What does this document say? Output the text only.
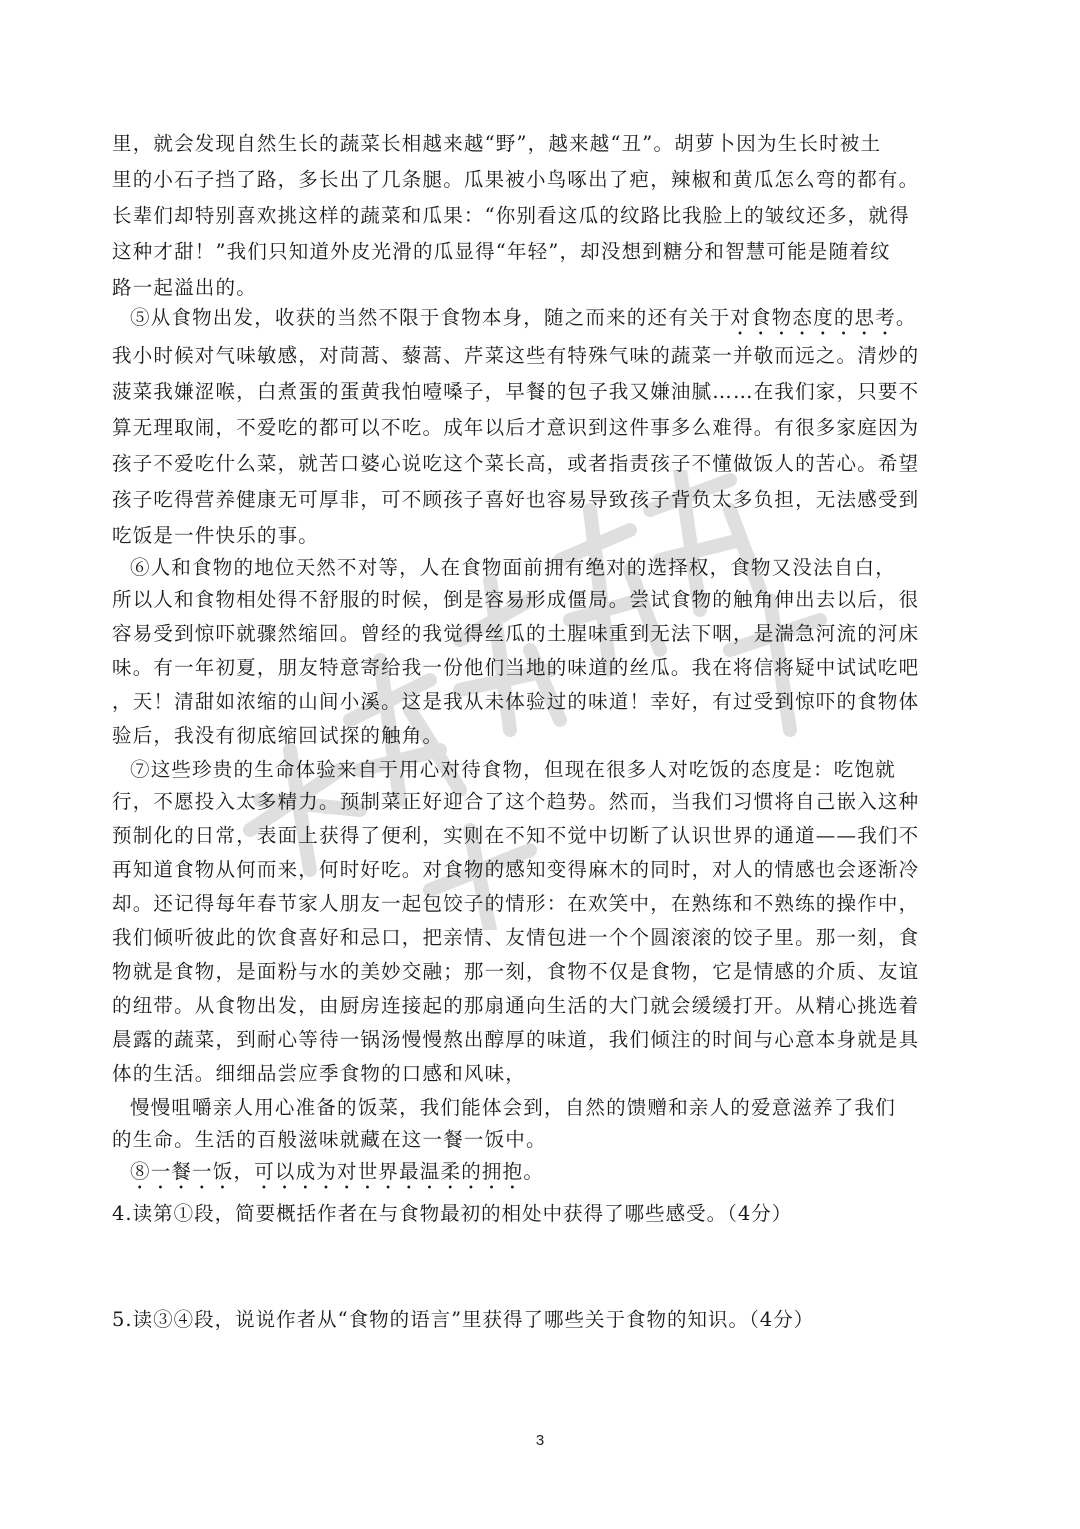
里，就会发现自然生长的蔬菜长相越来越“野”，越来越“丑”。胡萝卜因为生长时被土
里的小石子挡了路，多长出了几条腿。瓜果被小鸟啄出了疤，辣椒和黄瓜怎么弯的都有。
长辈们却特别喜欢挑这样的蔬菜和瓜果：“你别看这瓜的纹路比我脸上的皱纹还多，就得
这种才甜！”我们只知道外皮光滑的瓜显得“年轻”，却没想到糖分和智慧可能是随着纹
路一起溢出的。
⑤从食物出发，收获的当然不限于食物本身，随之而来的还有关于对食物态度的思考。
我小时候对气味敏感，对茼蒿、藜蒿、芹菜这些有特殊气味的蔬菜一并敬而远之。清炒的
菠菜我嫌涩喉，白煮蛋的蛋黄我怕噎嗓子，早餐的包子我又嫌油腻……在我们家，只要不
算无理取闹，不爱吃的都可以不吃。成年以后才意识到这件事多么难得。有很多家庭因为
孩子不爱吃什么菜，就苦口婆心说吃这个菜长高，或者指责孩子不懂做饭人的苦心。希望
孩子吃得营养健康无可厚非，可不顾孩子喜好也容易导致孩子背负太多负担，无法感受到
吃饭是一件快乐的事。
⑥人和食物的地位天然不对等，人在食物面前拥有绝对的选择权，食物又没法自白，
所以人和食物相处得不舒服的时候，倒是容易形成僵局。尝试食物的触角伸出去以后，很
容易受到惊吓就骤然缩回。曾经的我觉得丝瓜的土腥味重到无法下咽，是湍急河流的河床
味。有一年初夏，朋友特意寄给我一份他们当地的味道的丝瓜。我在将信将疑中试试吃吧
，天！清甜如浓缩的山间小溪。这是我从未体验过的味道！幸好，有过受到惊吓的食物体
验后，我没有彻底缩回试探的触角。
⑦这些珍贵的生命体验来自于用心对待食物，但现在很多人对吃饭的态度是：吃饱就
行，不愿投入太多精力。预制菜正好迎合了这个趋势。然而，当我们习惯将自己嵌入这种
预制化的日常，表面上获得了便利，实则在不知不觉中切断了认识世界的通道——我们不
再知道食物从何而来，何时好吃。对食物的感知变得麻木的同时，对人的情感也会逐渐冷
却。还记得每年春节家人朋友一起包饺子的情形：在欢笑中，在熟练和不熟练的操作中，
我们倾听彼此的饮食喜好和忌口，把亲情、友情包进一个个圆滚滚的饺子里。那一刻，食
物就是食物，是面粉与水的美妙交融；那一刻，食物不仅是食物，它是情感的介质、友谊
的纽带。从食物出发，由厨房连接起的那扇通向生活的大门就会缓缓打开。从精心挑选着
晨露的蔬菜，到耐心等待一锅汤慢慢熬出醇厚的味道，我们倾注的时间与心意本身就是具
体的生活。细细品尝应季食物的口感和风味，
慢慢咀嚼亲人用心准备的饭菜，我们能体会到，自然的馈赠和亲人的爱意滋养了我们
的生命。生活的百般滋味就藏在这一餐一饭中。
⑧一餐一饭，可以成为对世界最温柔的拥抱。
4.读第①段，简要概括作者在与食物最初的相处中获得了哪些感受。（4分）
5.读③④段，说说作者从“食物的语言”里获得了哪些关于食物的知识。（4分）
3
